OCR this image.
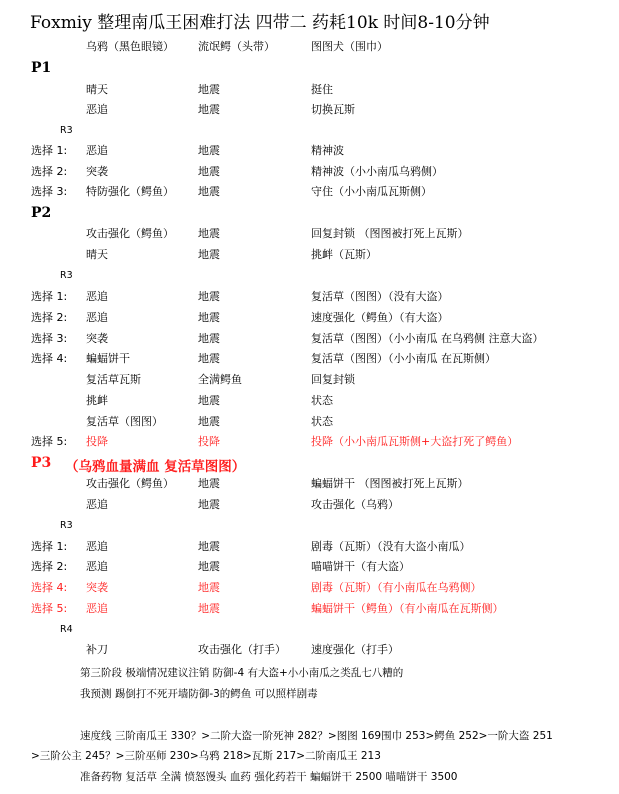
Foxmiy 整理南瓜王困难打法 四带二 药耗10k 时间8-10分钟
乌鸦（黑色眼镜） 流氓鳄（头带）	图图犬（围巾）
P1
晴天	地震	挺住
恶追	地震	切换瓦斯
R3
选择 1: 恶追	地震	精神波
选择 2: 突袭	地震	精神波（小小南瓜乌鸦侧）
选择 3: 特防强化（鳄鱼） 地震	守住（小小南瓜瓦斯侧）
P2
攻击强化（鳄鱼） 地震	回复封锁 （图图被打死上瓦斯）
晴天	地震	挑衅（瓦斯）
R3
选择 1: 恶追	地震	复活草（图图）（没有大盗）
选择 2: 恶追	地震	速度强化（鳄鱼）（有大盗）
选择 3: 突袭	地震	复活草（图图）（小小南瓜 在乌鸦侧 注意大盗）
选择 4: 蝙蝠饼干	地震	复活草（图图）（小小南瓜 在瓦斯侧）
复活草瓦斯	全满鳄鱼	回复封锁
挑衅	地震	状态
复活草（图图）	地震	状态
选择 5: 投降	投降	投降（小小南瓜瓦斯侧+大盗打死了鳄鱼）
P3 （乌鸦血量满血 复活草图图）
攻击强化（鳄鱼） 地震	蝙蝠饼干 （图图被打死上瓦斯）
恶追	地震	攻击强化（乌鸦）
R3
选择 1: 恶追	地震	剧毒（瓦斯）（没有大盗小南瓜）
选择 2: 恶追	地震	喵喵饼干（有大盗）
选择 4: 突袭	地震	剧毒（瓦斯）（有小南瓜在乌鸦侧）
选择 5: 恶追	地震	蝙蝠饼干（鳄鱼）（有小南瓜在瓦斯侧）
R4
补刀	攻击强化（打手） 速度强化（打手）
第三阶段 极端情况建议注销 防御-4 有大盗+小小南瓜之类乱七八糟的
我预测 踢倒打不死开墙防御-3的鳄鱼 可以照样剧毒
速度线 三阶南瓜王 330？>二阶大盗一阶死神 282？>图图 169围巾 253>鳄鱼 252>一阶大盗 251
>三阶公主 245？>三阶巫师 230>乌鸦 218>瓦斯 217>二阶南瓜王 213
准备药物 复活草 全满 愤怒馒头 血药 强化药若干 蝙蝠饼干 2500 喵喵饼干 3500
